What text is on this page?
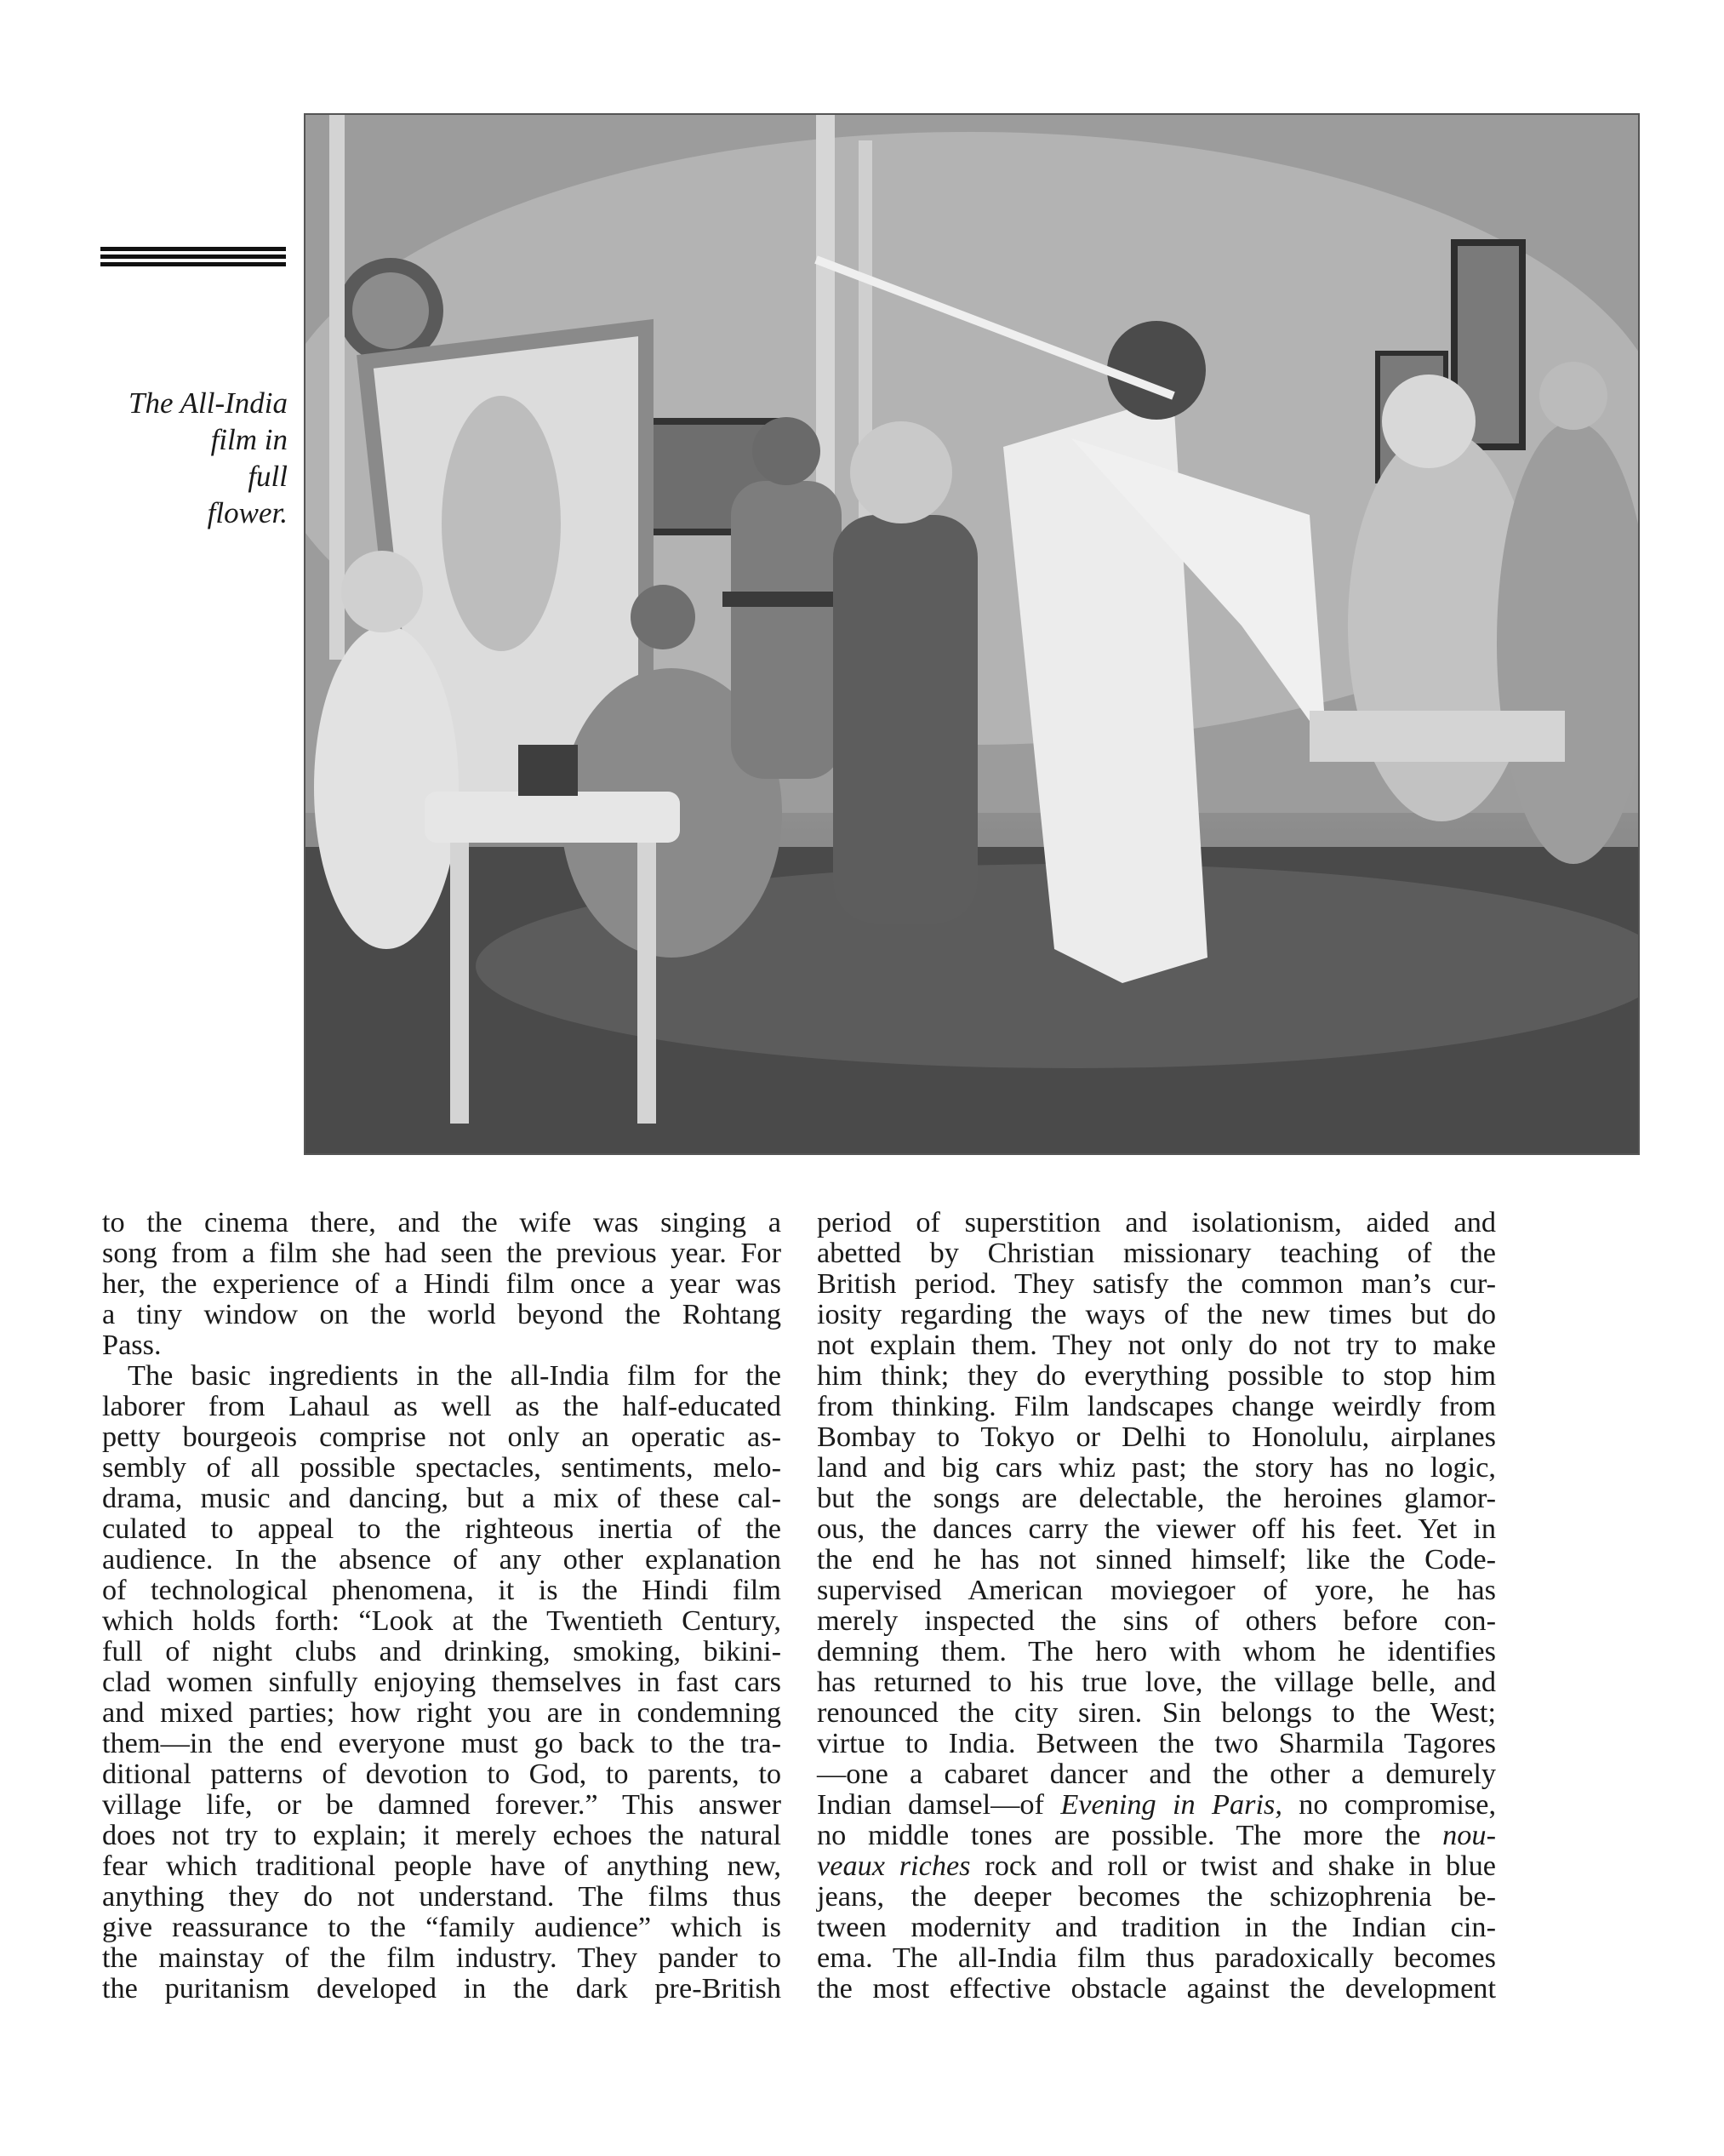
The All-India
film in
full
flower.
to the cinema there, and the wife was singing a
song from a film she had seen the previous year. For
her, the experience of a Hindi film once a year was
a tiny window on the world beyond the Rohtang
Pass.
The basic ingredients in the all-India film for the
laborer from Lahaul as well as the half-educated
petty bourgeois comprise not only an operatic as-
sembly of all possible spectacles, sentiments, melo-
drama, music and dancing, but a mix of these cal-
culated to appeal to the righteous inertia of the
audience. In the absence of any other explanation
of technological phenomena, it is the Hindi film
which holds forth: “Look at the Twentieth Century,
full of night clubs and drinking, smoking, bikini-
clad women sinfully enjoying themselves in fast cars
and mixed parties; how right you are in condemning
them—in the end everyone must go back to the tra-
ditional patterns of devotion to God, to parents, to
village life, or be damned forever.” This answer
does not try to explain; it merely echoes the natural
fear which traditional people have of anything new,
anything they do not understand. The films thus
give reassurance to the “family audience” which is
the mainstay of the film industry. They pander to
the puritanism developed in the dark pre-British
period of superstition and isolationism, aided and
abetted by Christian missionary teaching of the
British period. They satisfy the common man’s cur-
iosity regarding the ways of the new times but do
not explain them. They not only do not try to make
him think; they do everything possible to stop him
from thinking. Film landscapes change weirdly from
Bombay to Tokyo or Delhi to Honolulu, airplanes
land and big cars whiz past; the story has no logic,
but the songs are delectable, the heroines glamor-
ous, the dances carry the viewer off his feet. Yet in
the end he has not sinned himself; like the Code-
supervised American moviegoer of yore, he has
merely inspected the sins of others before con-
demning them. The hero with whom he identifies
has returned to his true love, the village belle, and
renounced the city siren. Sin belongs to the West;
virtue to India. Between the two Sharmila Tagores
—one a cabaret dancer and the other a demurely
Indian damsel—of Evening in Paris, no compromise,
no middle tones are possible. The more the nou-
veaux riches rock and roll or twist and shake in blue
jeans, the deeper becomes the schizophrenia be-
tween modernity and tradition in the Indian cin-
ema. The all-India film thus paradoxically becomes
the most effective obstacle against the development
